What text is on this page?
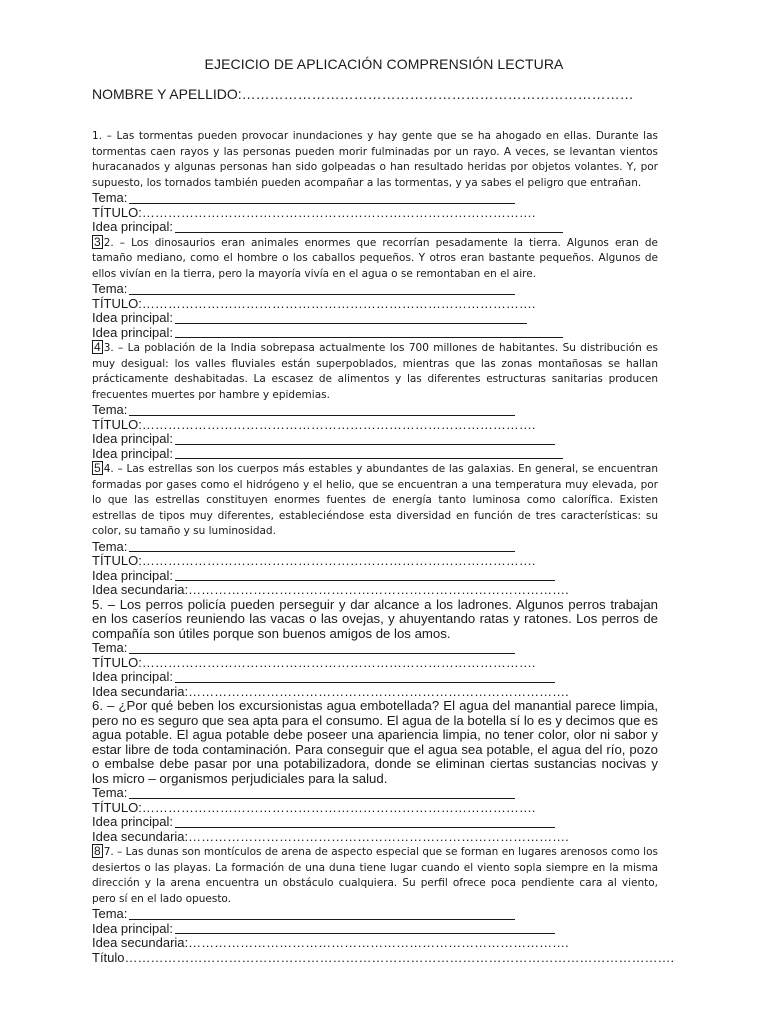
EJECICIO DE APLICACIÓN COMPRENSIÓN LECTURA
NOMBRE Y APELLIDO:…………………………………………………………………………

1. – Las tormentas pueden provocar inundaciones y hay gente que se ha ahogado en ellas. Durante las tormentas caen rayos y las personas pueden morir fulminadas por un rayo. A veces, se levantan vientos huracanados y algunas personas han sido golpeadas o han resultado heridas por objetos volantes. Y, por supuesto, los tornados también pueden acompañar a las tormentas, y ya sabes el peligro que entrañan.

Tema:
TÍTULO: ……………………………………………………………………………….
Idea principal:

3 2. – Los dinosaurios eran animales enormes que recorrían pesadamente la tierra. Algunos eran de tamaño mediano, como el hombre o los caballos pequeños. Y otros eran bastante pequeños. Algunos de ellos vivían en la tierra, pero la mayoría vivía en el agua o se remontaban en el aire.

Tema:
TÍTULO: ……………………………………………………………………………….
Idea principal:
Idea principal:

4 3. – La población de la India sobrepasa actualmente los 700 millones de habitantes. Su distribución es muy desigual: los valles fluviales están superpoblados, mientras que las zonas montañosas se hallan prácticamente deshabitadas. La escasez de alimentos y las diferentes estructuras sanitarias producen frecuentes muertes por hambre y epidemias.

Tema:
TÍTULO: ……………………………………………………………………………….
Idea principal:
Idea principal:

5 4. – Las estrellas son los cuerpos más estables y abundantes de las galaxias. En general, se encuentran formadas por gases como el hidrógeno y el helio, que se encuentran a una temperatura muy elevada, por lo que las estrellas constituyen enormes fuentes de energía tanto luminosa como calorífica. Existen estrellas de tipos muy diferentes, estableciéndose esta diversidad en función de tres características: su color, su tamaño y su luminosidad.

Tema:
TÍTULO: ……………………………………………………………………………….
Idea principal:
Idea secundaria: …………………………………………………………………………….

5. – Los perros policía pueden perseguir y dar alcance a los ladrones. Algunos perros trabajan en los caseríos reuniendo las vacas o las ovejas, y ahuyentando ratas y ratones. Los perros de compañía son útiles porque son buenos amigos de los amos.

Tema:
TÍTULO: ……………………………………………………………………………….
Idea principal:
Idea secundaria: …………………………………………………………………………….

6. – ¿Por qué beben los excursionistas agua embotellada? El agua del manantial parece limpia, pero no es seguro que sea apta para el consumo. El agua de la botella sí lo es y decimos que es agua potable. El agua potable debe poseer una apariencia limpia, no tener color, olor ni sabor y estar libre de toda contaminación. Para conseguir que el agua sea potable, el agua del río, pozo o embalse debe pasar por una potabilizadora, donde se eliminan ciertas sustancias nocivas y los micro – organismos perjudiciales para la salud.

Tema:
TÍTULO: ……………………………………………………………………………….
Idea principal:
Idea secundaria: …………………………………………………………………………….

8 7. – Las dunas son montículos de arena de aspecto especial que se forman en lugares arenosos como los desiertos o las playas. La formación de una duna tiene lugar cuando el viento sopla siempre en la misma dirección y la arena encuentra un obstáculo cualquiera. Su perfil ofrece poca pendiente cara al viento, pero sí en el lado opuesto.

Tema:
Idea principal:
Idea secundaria: …………………………………………………………………………….
Título ……………………………………………………………………………………………………………….
